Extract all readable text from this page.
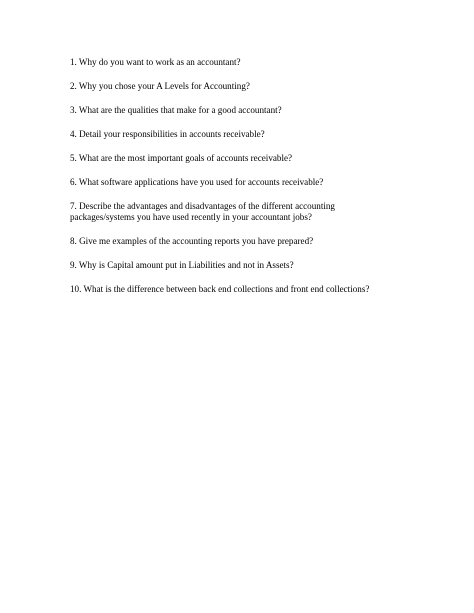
1. Why do you want to work as an accountant?
2. Why you chose your A Levels for Accounting?
3. What are the qualities that make for a good accountant?
4. Detail your responsibilities in accounts receivable?
5. What are the most important goals of accounts receivable?
6. What software applications have you used for accounts receivable?
7. Describe the advantages and disadvantages of the different accounting
packages/systems you have used recently in your accountant jobs?
8. Give me examples of the accounting reports you have prepared?
9. Why is Capital amount put in Liabilities and not in Assets?
10. What is the difference between back end collections and front end collections?
